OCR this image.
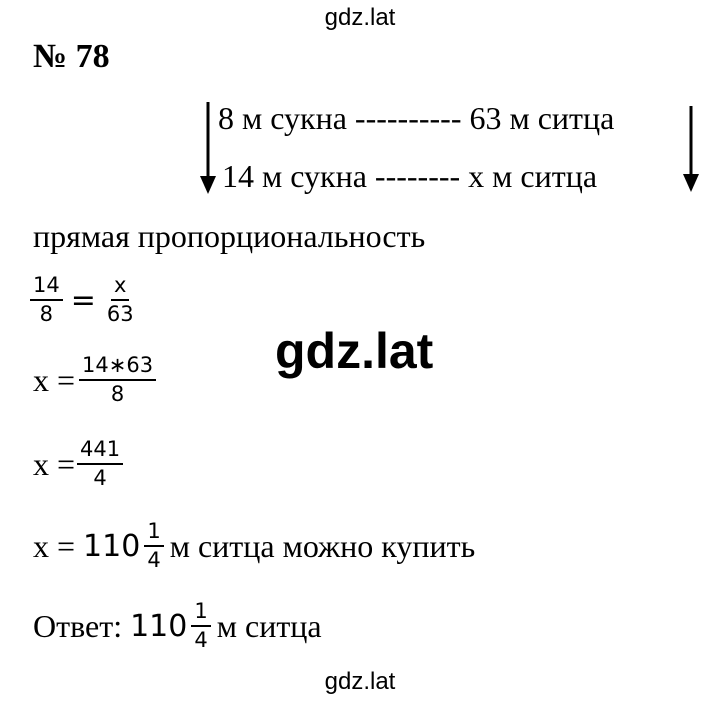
gdz.lat
№ 78
8 м сукна ---------- 63 м ситца
14 м сукна -------- х м ситца
прямая пропорциональность
$\frac{14}{8} = \frac{x}{63}$
$х = \frac{14∗63}{8}$
$х = \frac{441}{4}$
$х = 110 \frac{1}{4}$ м ситца можно купить
Ответ: $110 \frac{1}{4}$ м ситца
gdz.lat
gdz.lat
